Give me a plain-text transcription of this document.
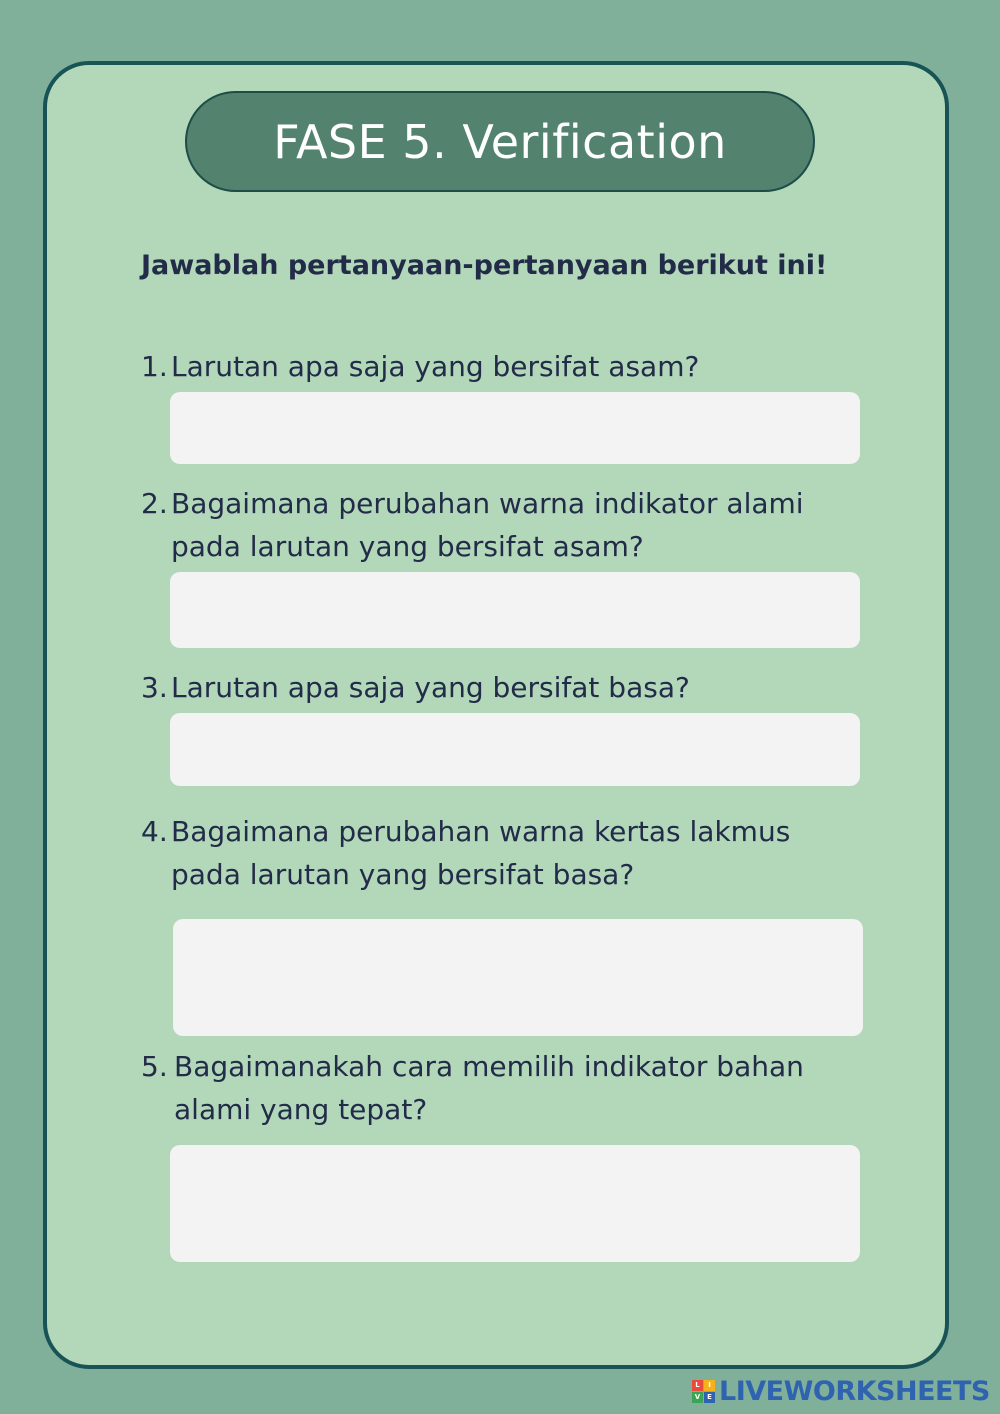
FASE 5. Verification
Jawablah pertanyaan-pertanyaan berikut ini!
1. Larutan apa saja yang bersifat asam?
2. Bagaimana perubahan warna indikator alami
pada larutan yang bersifat asam?
3. Larutan apa saja yang bersifat basa?
4. Bagaimana perubahan warna kertas lakmus
pada larutan yang bersifat basa?
5. Bagaimanakah cara memilih indikator bahan
alami yang tepat?
L	I
V E LIVEWORKSHEETS
